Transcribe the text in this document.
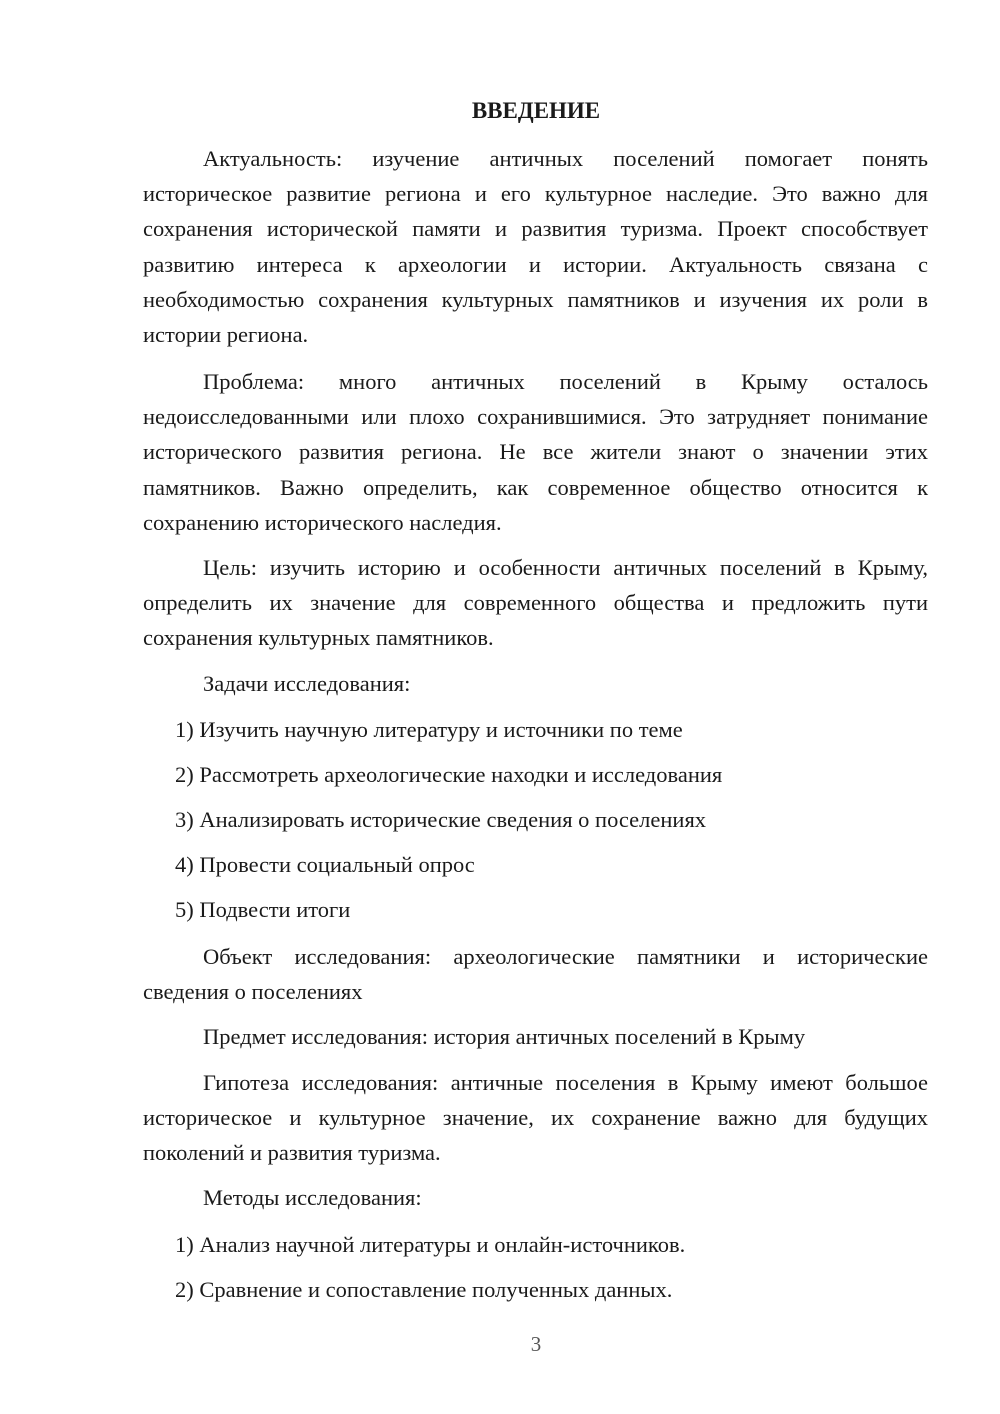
ВВЕДЕНИЕ

Актуальность: изучение античных поселений помогает понять историческое развитие региона и его культурное наследие. Это важно для сохранения исторической памяти и развития туризма. Проект способствует развитию интереса к археологии и истории. Актуальность связана с необходимостью сохранения культурных памятников и изучения их роли в истории региона.

Проблема: много античных поселений в Крыму осталось недоисследованными или плохо сохранившимися. Это затрудняет понимание исторического развития региона. Не все жители знают о значении этих памятников. Важно определить, как современное общество относится к сохранению исторического наследия.

Цель: изучить историю и особенности античных поселений в Крыму, определить их значение для современного общества и предложить пути сохранения культурных памятников.

Задачи исследования:

1) Изучить научную литературу и источники по теме

2) Рассмотреть археологические находки и исследования

3) Анализировать исторические сведения о поселениях

4) Провести социальный опрос

5) Подвести итоги

Объект исследования: археологические памятники и исторические сведения о поселениях

Предмет исследования: история античных поселений в Крыму

Гипотеза исследования: античные поселения в Крыму имеют большое историческое и культурное значение, их сохранение важно для будущих поколений и развития туризма.

Методы исследования:

1) Анализ научной литературы и онлайн-источников.

2) Сравнение и сопоставление полученных данных.

3
